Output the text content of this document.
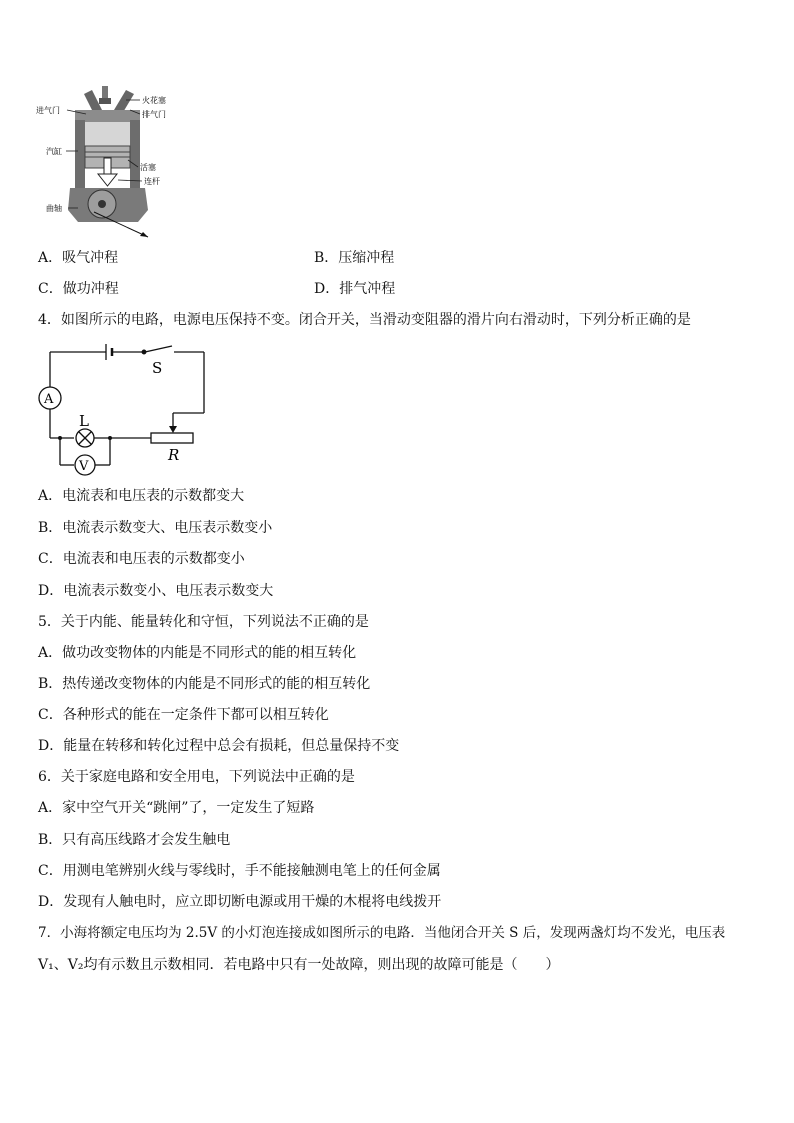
进气门
火花塞
排气门
汽缸
活塞
连杆
曲轴
A．吸气冲程	B．压缩冲程
C．做功冲程	D．排气冲程
4．如图所示的电路，电源电压保持不变。闭合开关，当滑动变阻器的滑片向右滑动时，下列分析正确的是
S
A
L
V
R
A．电流表和电压表的示数都变大
B．电流表示数变大、电压表示数变小
C．电流表和电压表的示数都变小
D．电流表示数变小、电压表示数变大
5．关于内能、能量转化和守恒，下列说法不正确的是
A．做功改变物体的内能是不同形式的能的相互转化
B．热传递改变物体的内能是不同形式的能的相互转化
C．各种形式的能在一定条件下都可以相互转化
D．能量在转移和转化过程中总会有损耗，但总量保持不变
6．关于家庭电路和安全用电，下列说法中正确的是
A．家中空气开关“跳闸”了，一定发生了短路
B．只有高压线路才会发生触电
C．用测电笔辨别火线与零线时，手不能接触测电笔上的任何金属
D．发现有人触电时，应立即切断电源或用干燥的木棍将电线拨开
7．小海将额定电压均为 2.5V 的小灯泡连接成如图所示的电路．当他闭合开关 S 后，发现两盏灯均不发光，电压表
V₁、V₂均有示数且示数相同．若电路中只有一处故障，则出现的故障可能是（　　）
